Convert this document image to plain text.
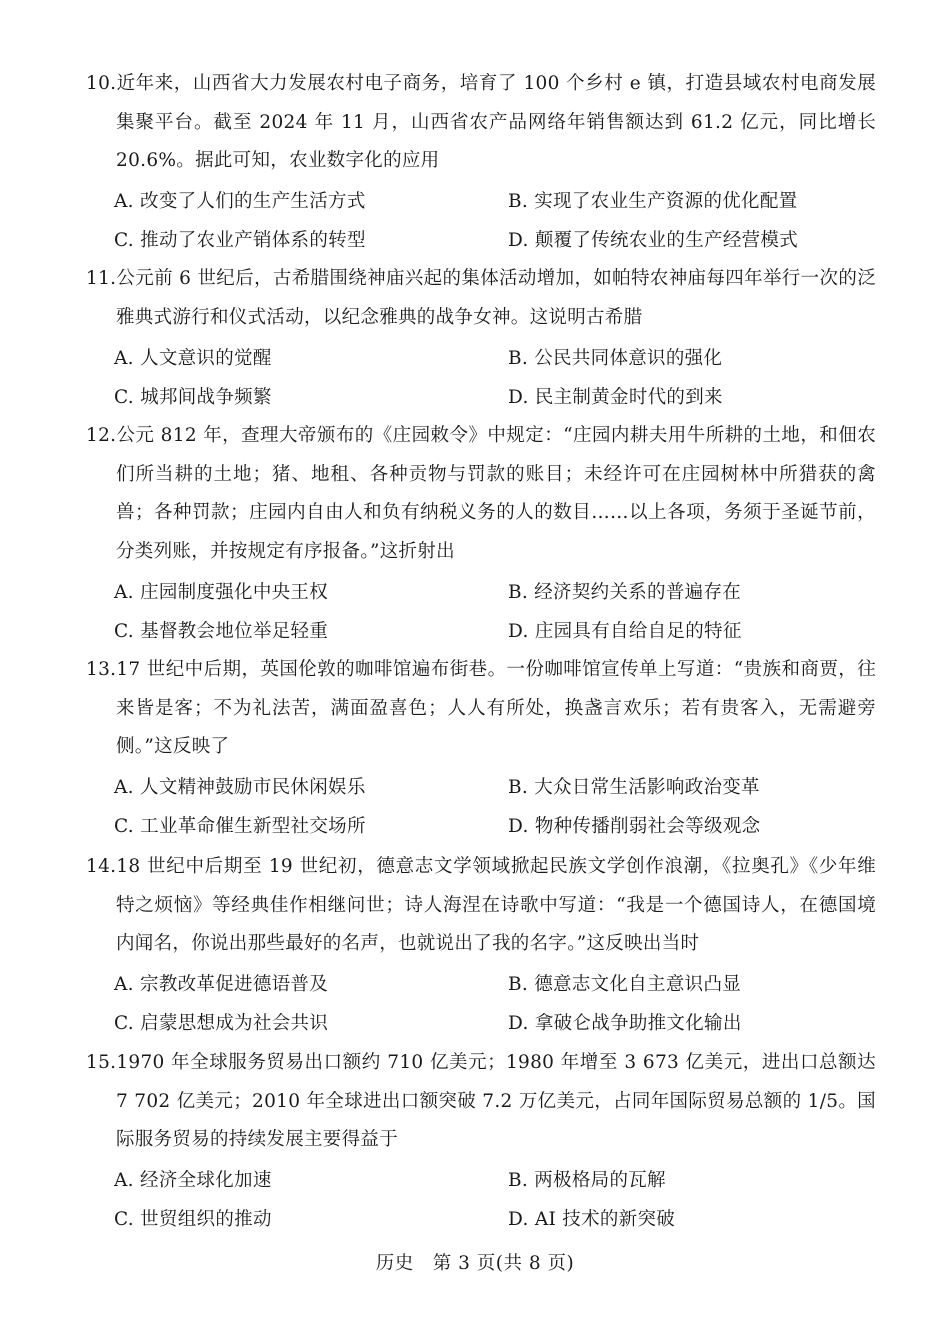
10.近年来，山西省大力发展农村电子商务，培育了 100 个乡村 e 镇，打造县域农村电商发展集聚平台。截至 2024 年 11 月，山西省农产品网络年销售额达到 61.2 亿元，同比增长 20.6%。据此可知，农业数字化的应用

A. 改变了人们的生产生活方式	B. 实现了农业生产资源的优化配置
C. 推动了农业产销体系的转型	D. 颠覆了传统农业的生产经营模式

11.公元前 6 世纪后，古希腊围绕神庙兴起的集体活动增加，如帕特农神庙每四年举行一次的泛雅典式游行和仪式活动，以纪念雅典的战争女神。这说明古希腊

A. 人文意识的觉醒	B. 公民共同体意识的强化
C. 城邦间战争频繁	D. 民主制黄金时代的到来

12.公元 812 年，查理大帝颁布的《庄园敕令》中规定：“庄园内耕夫用牛所耕的土地，和佃农们所当耕的土地；猪、地租、各种贡物与罚款的账目；未经许可在庄园树林中所猎获的禽兽；各种罚款；庄园内自由人和负有纳税义务的人的数目……以上各项，务须于圣诞节前，分类列账，并按规定有序报备。”这折射出

A. 庄园制度强化中央王权	B. 经济契约关系的普遍存在
C. 基督教会地位举足轻重	D. 庄园具有自给自足的特征

13.17 世纪中后期，英国伦敦的咖啡馆遍布街巷。一份咖啡馆宣传单上写道：“贵族和商贾，往来皆是客；不为礼法苦，满面盈喜色；人人有所处，换盏言欢乐；若有贵客入，无需避旁侧。”这反映了

A. 人文精神鼓励市民休闲娱乐	B. 大众日常生活影响政治变革
C. 工业革命催生新型社交场所	D. 物种传播削弱社会等级观念

14.18 世纪中后期至 19 世纪初，德意志文学领域掀起民族文学创作浪潮，《拉奥孔》《少年维特之烦恼》等经典佳作相继问世；诗人海涅在诗歌中写道：“我是一个德国诗人，在德国境内闻名，你说出那些最好的名声，也就说出了我的名字。”这反映出当时

A. 宗教改革促进德语普及	B. 德意志文化自主意识凸显
C. 启蒙思想成为社会共识	D. 拿破仑战争助推文化输出

15.1970 年全球服务贸易出口额约 710 亿美元；1980 年增至 3 673 亿美元，进出口总额达 7 702 亿美元；2010 年全球进出口额突破 7.2 万亿美元，占同年国际贸易总额的 1/5。国际服务贸易的持续发展主要得益于

A. 经济全球化加速	B. 两极格局的瓦解
C. 世贸组织的推动	D. AI 技术的新突破
历史　第 3 页(共 8 页)
